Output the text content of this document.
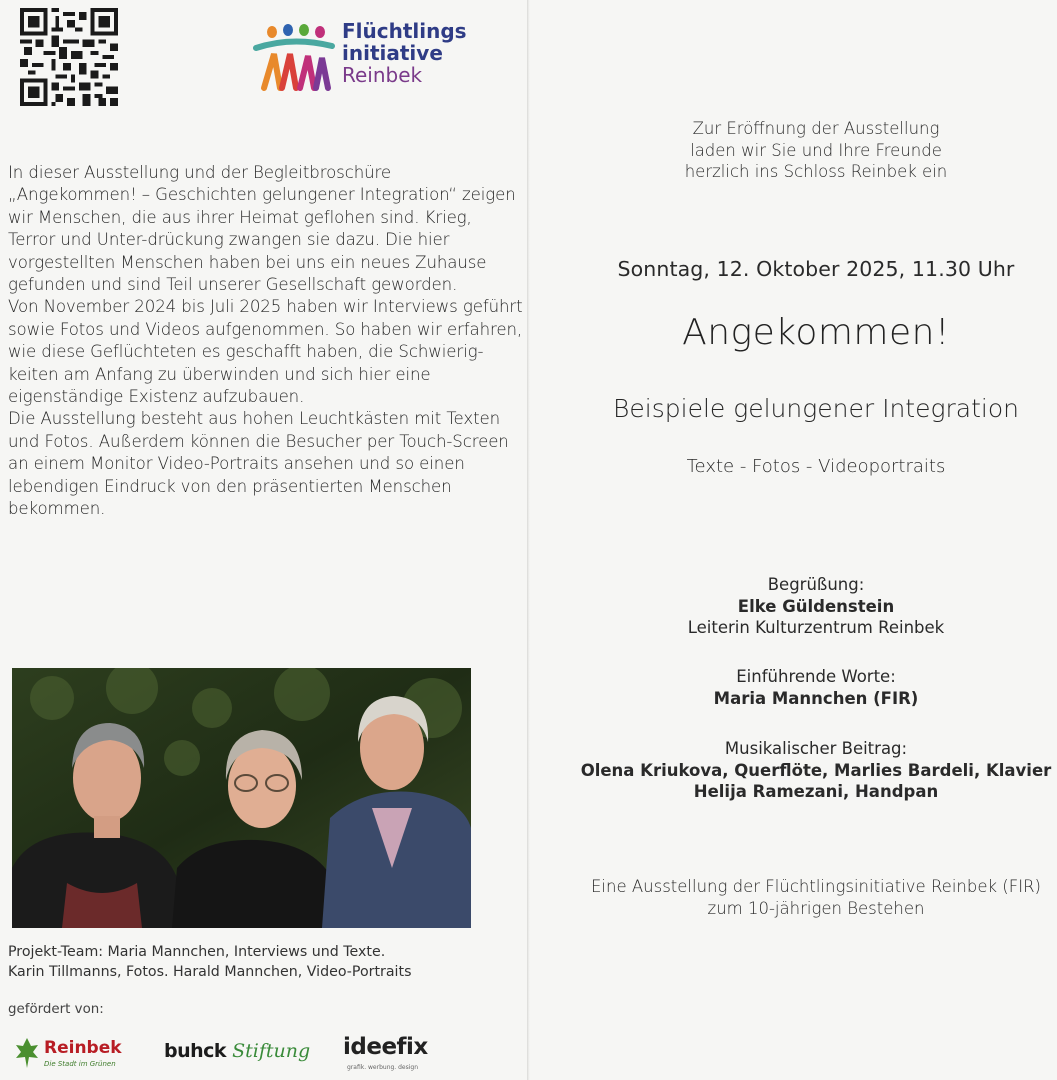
Flüchtlings
initiative
Reinbek

In dieser Ausstellung und der Begleitbroschüre „Angekommen! – Geschichten gelungener Integration“ zeigen wir Menschen, die aus ihrer Heimat geflohen sind. Krieg, Terror und Unter-drückung zwangen sie dazu. Die hier vorgestellten Menschen haben bei uns ein neues Zuhause gefunden und sind Teil unserer Gesellschaft geworden.

Von November 2024 bis Juli 2025 haben wir Interviews geführt sowie Fotos und Videos aufgenommen. So haben wir erfahren, wie diese Geflüchteten es geschafft haben, die Schwierig-keiten am Anfang zu überwinden und sich hier eine eigenständige Existenz aufzubauen.

Die Ausstellung besteht aus hohen Leuchtkästen mit Texten und Fotos. Außerdem können die Besucher per Touch-Screen an einem Monitor Video-Portraits ansehen und so einen lebendigen Eindruck von den präsentierten Menschen bekommen.

Projekt-Team: Maria Mannchen, Interviews und Texte.
Karin Tillmanns, Fotos. Harald Mannchen, Video-Portraits
gefördert von:
Reinbek
Die Stadt im Grünen
buhck Stiftung ideefix
grafik. werbung. design
Zur Eröffnung der Ausstellung
laden wir Sie und Ihre Freunde
herzlich ins Schloss Reinbek ein
Sonntag, 12. Oktober 2025, 11.30 Uhr
Angekommen!
Beispiele gelungener Integration
Texte - Fotos - Videoportraits
Begrüßung:
Elke Güldenstein
Leiterin Kulturzentrum Reinbek
Einführende Worte:
Maria Mannchen (FIR)
Musikalischer Beitrag:
Olena Kriukova, Querflöte, Marlies Bardeli, Klavier
Helija Ramezani, Handpan
Eine Ausstellung der Flüchtlingsinitiative Reinbek (FIR)
zum 10-jährigen Bestehen
